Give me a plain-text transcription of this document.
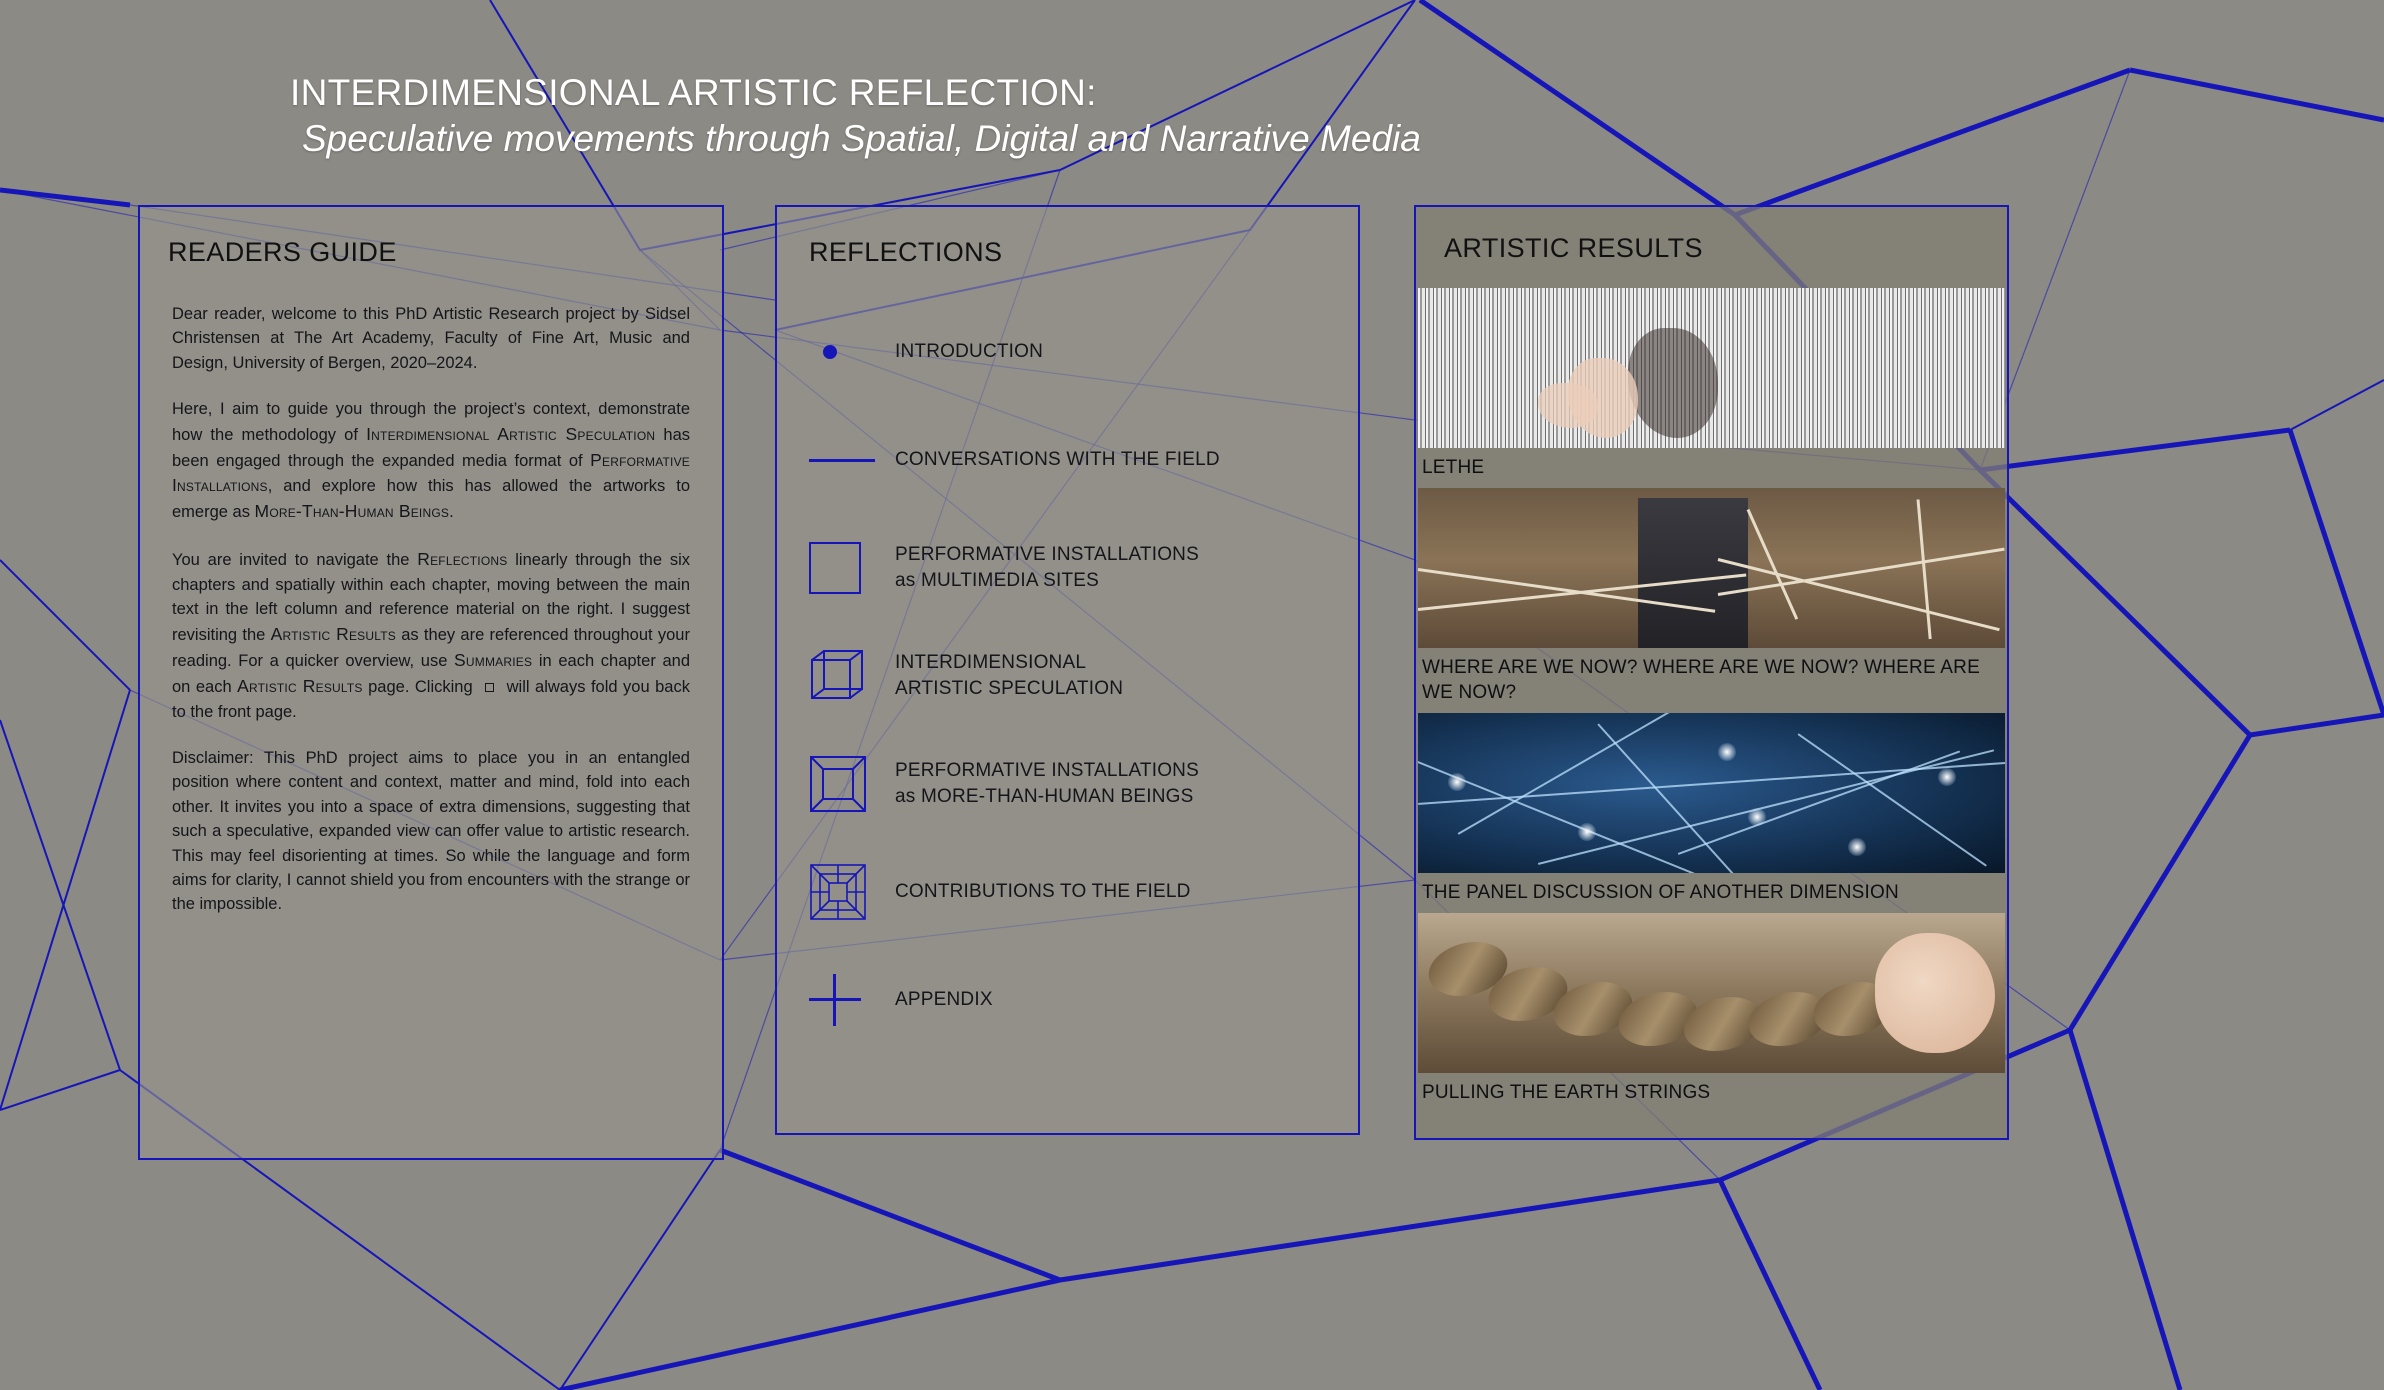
INTERDIMENSIONAL ARTISTIC REFLECTION:
Speculative movements through Spatial, Digital and Narrative Media
READERS GUIDE

Dear reader, welcome to this PhD Artistic Research project by Sidsel Christensen at The Art Academy, Faculty of Fine Art, Music and Design, University of Bergen, 2020–2024.

Here, I aim to guide you through the project’s context, demonstrate how the methodology of Interdimensional Artistic Speculation has been engaged through the expanded media format of Performative Installations, and explore how this has allowed the artworks to emerge as More-Than-Human Beings.

You are invited to navigate the Reflections linearly through the six chapters and spatially within each chapter, moving between the main text in the left column and reference material on the right. I suggest revisiting the Artistic Results as they are referenced throughout your reading. For a quicker overview, use Summaries in each chapter and on each Artistic Results page. Clicking  will always fold you back to the front page.

Disclaimer: This PhD project aims to place you in an entangled position where content and context, matter and mind, fold into each other. It invites you into a space of extra dimensions, suggesting that such a speculative, expanded view can offer value to artistic research. This may feel disorienting at times. So while the language and form aims for clarity, I cannot shield you from encounters with the strange or the impossible.

REFLECTIONS
INTRODUCTION
CONVERSATIONS WITH THE FIELD
PERFORMATIVE INSTALLATIONS
as MULTIMEDIA SITES
INTERDIMENSIONAL
ARTISTIC SPECULATION
PERFORMATIVE INSTALLATIONS
as MORE-THAN-HUMAN BEINGS
CONTRIBUTIONS TO THE FIELD
APPENDIX
ARTISTIC RESULTS
LETHE
WHERE ARE WE NOW? WHERE ARE WE NOW? WHERE ARE WE NOW?
THE PANEL DISCUSSION OF ANOTHER DIMENSION
PULLING THE EARTH STRINGS
